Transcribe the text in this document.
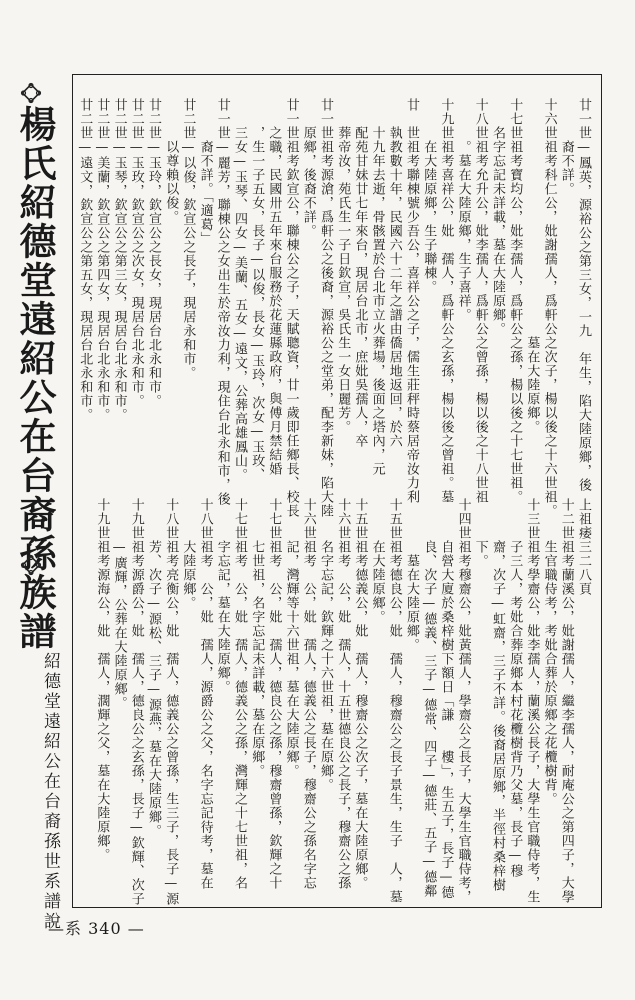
楊氏紹德堂遠紹公在台裔孫族譜	廿一世—鳳英，源裕公之第三女，一九　年生，陷大陸原鄉，後
　　　裔不詳。
十六世祖考科仁公，妣謝孺人，爲軒公之次子，楊以後之十六世祖。
　　　　　　　　　　　　　　　　　墓在大陸原鄉。
十七世祖考寶均公，妣李孺人，爲軒公之孫，楊以後之十七世祖。
　　名字忘記未詳載，墓在大陸原鄉。
十八世祖考允升公，妣李孺人，爲軒公之曾孫，楊以後之十八世祖
　　　。墓在大陸原鄉，生子喜祥。
十九世祖考喜祥公，妣　孺人，爲軒公之玄孫，楊以後之曾祖。墓
　　　在大陸原鄉，生子聯棟。
廿　世祖考聯棟號少吾公，喜祥公之子，儒生莊秤時蔡居帝汝力利
　　執教數十年，民國六十二年之譜由僑居地返回，於六
　　十九年去逝，骨骸置於台北市立火葬場，後面之塔內，元
　　配苑甘妹廿七年來台，現居台北市，庶妣吳孺人，卒
　　葬帝汝，苑氏生一子日欽宣，吳氏生一女日麗芳。
廿一世祖考源滄，爲軒公之後裔，源裕公之堂弟，配李新妹，陷大陸
　　原鄉，後裔不詳。
廿一世祖考欽宣公，聯棟公之子，天賦聰資，廿一歲即任鄉長、校長
　　之職，民國卅五年來台服務於花蓮縣政府，與傅月禁結婚
　　，生一子五女，長子—以俊，長女—玉玲，次女—玉玫、
　　三女—玉琴、四女—美蘭、五女—遠文，公葬高雄鳳山。
廿一世—麗芳，聯棟公之女出生於帝汝力利，現住台北永和市，後
　　　裔不詳。「適葛」
廿二世—以俊，欽宣公之長子，現居永和市。
　　　以尊賴以俊。
廿二世—玉玲，欽宣公之長女，現居台北永和市。
廿二世—玉玫，欽宣公之次女，現居台北永和市。
廿二世—玉琴，欽宣公之第三女，現居台北永和市。
廿二世—美蘭，欽宣公之第四女，現居台北永和市。
廿二世—遠文，欽宣公之第五女，現居台北永和市。
上祖痿三二八頁
十二世祖考蘭溪公，妣謝孺人，繼李孺人，耐庵公之第四子，大學
　　　生官職侍考，考妣合葬於原鄉之花欖樹背。
十三世祖考學齋公，妣李孺人，蘭溪公長子，大學生官職侍考，生
　　　子三人，考妣合葬原鄉本村花欖樹背乃父墓，長子—穆
　　　齋，次子—虹齋，三子不詳。後裔居原鄉，半徑村桑梓樹
　　　下。
十四世祖考穆齋公，妣黃孺人，學齋公之長子，大學生官職侍考，
　　　自營大廈於桑梓樹下額日「謙　　樓」，生五子，長子—德
　　　良、次子—德義、三子—德常、四子—德莊、五子—德鄰
　　　　墓在大陸原鄉。
十五世祖考德良公，妣　孺人，穆齋公之長子景生，生子　人，墓
　　　在大陸原鄉。
十五世祖考德義公，妣　孺人，穆齋公之次子，墓在大陸原鄉。
十六世祖考　公，妣　孺人，十五世德良公之長子，穆齋公之孫
　　　名字忘記，欽輝之十六世祖，墓在原鄉。
十六世祖考　公，妣　孺人，德義公之長子，穆齋公之孫名字忘
　　　記，灣輝等十六世祖，墓在大陸原鄉。
十七世祖考　公，妣　孺人，德良公之孫，穆齋曾孫，欽輝之十
　　　七世祖，名字忘記未詳載，墓在原鄉。
十七世祖考　公，妣　孺人，德義公之孫，灣輝之十七世祖，名
　　　字忘記，墓在大陸原鄉。
十八世祖考　公，妣　孺人，源爵公之父，名字忘記待考，墓在
　　　大陸原鄉。
十八世祖考亮衡公，妣　孺人，德義公之曾孫，生三子，長子—源
　　　芳、次子—源松、三子—源燕，墓在大陸原鄉。
十九世祖考源爵公，妣　孺人，德良公之玄孫，長子—欽輝、次子
　　　—廣輝，公葬在大陸原鄉。
十九世祖考源海公，妣　孺人，濶輝之父，墓在大陸原鄉。
紹德堂遠紹公在台裔孫世系譜說
—系 340 —
